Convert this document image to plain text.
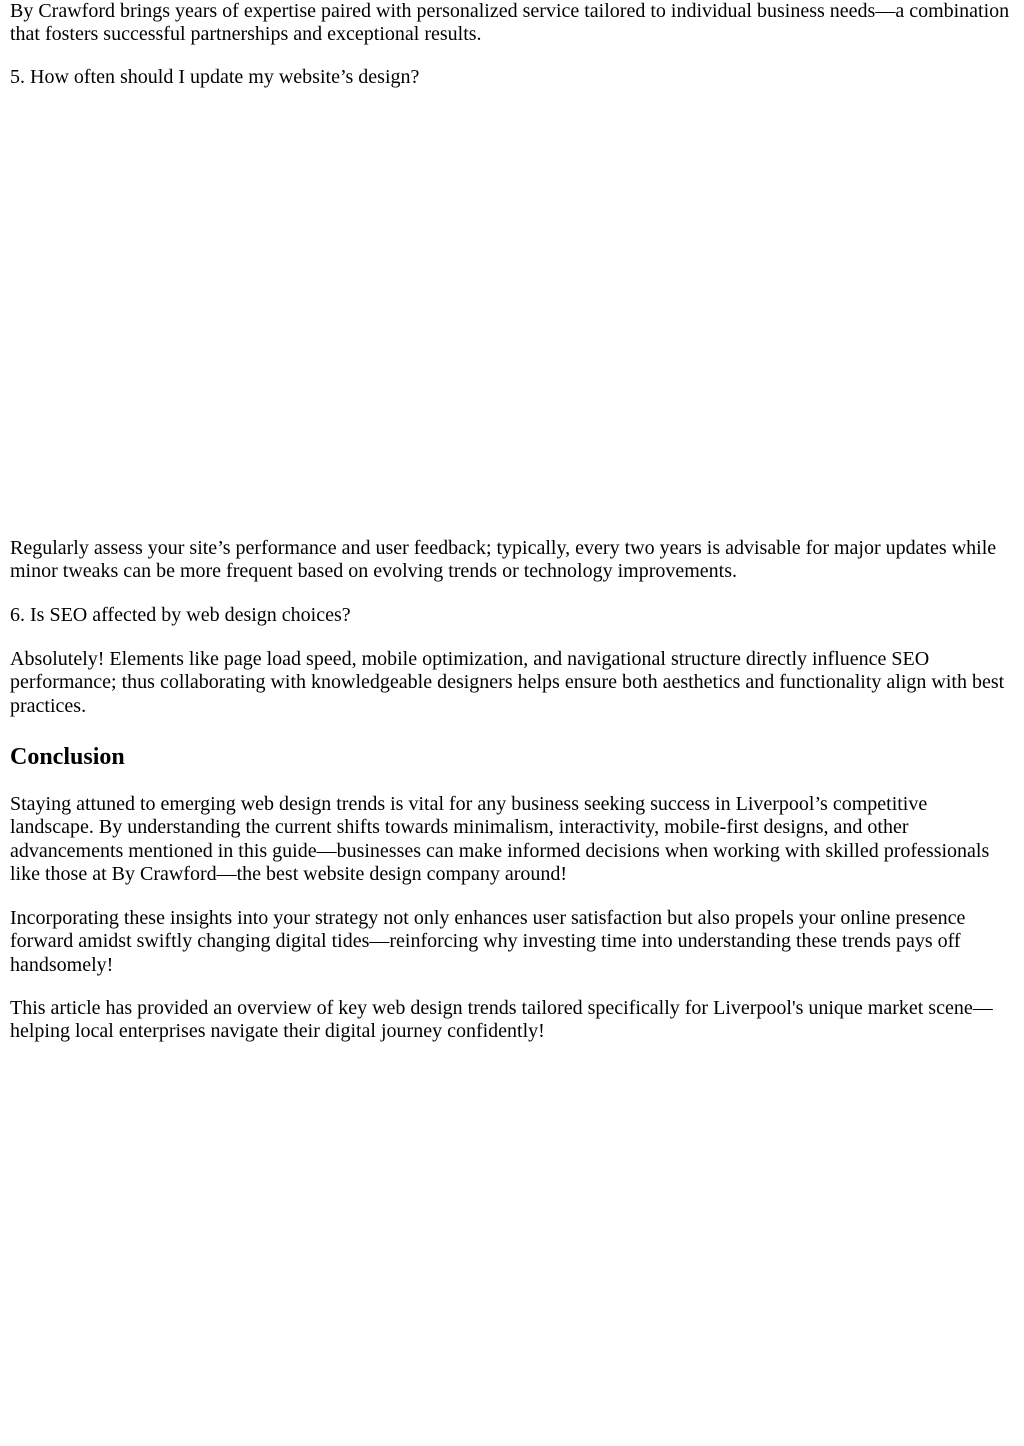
By Crawford brings years of expertise paired with personalized service tailored to individual business needs—a combination that fosters successful partnerships and exceptional results.

5. How often should I update my website’s design?

Regularly assess your site’s performance and user feedback; typically, every two years is advisable for major updates while minor tweaks can be more frequent based on evolving trends or technology improvements.

6. Is SEO affected by web design choices?

Absolutely! Elements like page load speed, mobile optimization, and navigational structure directly influence SEO performance; thus collaborating with knowledgeable designers helps ensure both aesthetics and functionality align with best practices.

Conclusion

Staying attuned to emerging web design trends is vital for any business seeking success in Liverpool’s competitive landscape. By understanding the current shifts towards minimalism, interactivity, mobile-first designs, and other advancements mentioned in this guide—businesses can make informed decisions when working with skilled professionals like those at By Crawford—the best website design company around!

Incorporating these insights into your strategy not only enhances user satisfaction but also propels your online presence forward amidst swiftly changing digital tides—reinforcing why investing time into understanding these trends pays off handsomely!

This article has provided an overview of key web design trends tailored specifically for Liverpool's unique market scene—helping local enterprises navigate their digital journey confidently!
